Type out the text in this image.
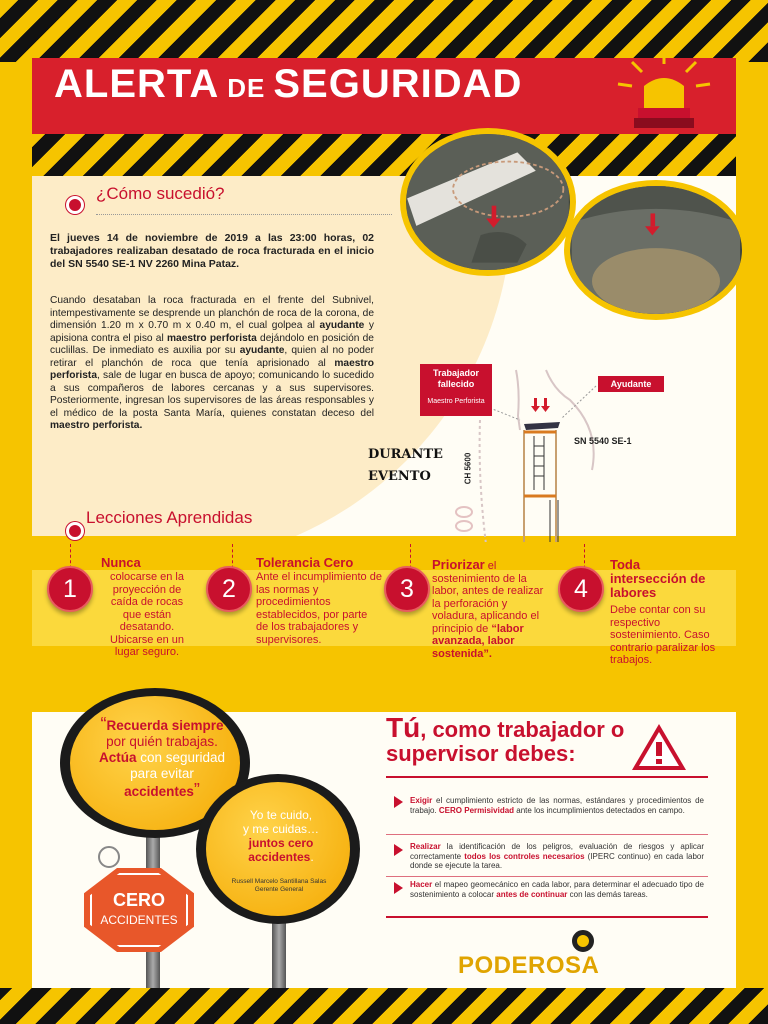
ALERTA DE SEGURIDAD
¿Cómo sucedió?
El jueves 14 de noviembre de 2019 a las 23:00 horas, 02 trabajadores realizaban desatado de roca fracturada en el inicio del SN 5540 SE-1 NV 2260 Mina Pataz.
Cuando desataban la roca fracturada en el frente del Subnivel, intempestivamente se desprende un planchón de roca de la corona, de dimensión 1.20 m x 0.70 m x 0.40 m, el cual golpea al ayudante y apisiona contra el piso al maestro perforista dejándolo en posición de cuclillas. De inmediato es auxilia por su ayudante, quien al no poder retirar el planchón de roca que tenía aprisionado al maestro perforista, sale de lugar en busca de apoyo; comunicando lo sucedido a sus compañeros de labores cercanas y a sus supervisores. Posteriormente, ingresan los supervisores de las áreas responsables y el médico de la posta Santa María, quienes constatan deceso del maestro perforista.
DURANTE
EVENTO
Trabajador fallecido
Maestro Perforista
Ayudante
SN 5540 SE-1
CH 5600
Lecciones Aprendidas
1
Nunca
colocarse en la proyección de caída de rocas que están desatando. Ubicarse en un lugar seguro.
2
Tolerancia Cero
Ante el incumplimiento de las normas y procedimientos establecidos, por parte de los trabajadores y supervisores.
3
Priorizar el sostenimiento de la labor, antes de realizar la perforación y voladura, aplicando el principio de “labor avanzada, labor sostenida”.
4
Toda intersección de labores
Debe contar con su respectivo sostenimiento. Caso contrario paralizar los trabajos.
“Recuerda siempre por quién trabajas. Actúa con seguridad para evitar accidentes”
Yo te cuido,
y me cuidas…
juntos cero accidentes.
Russell Marcelo Santillana Salas
Gerente General
CERO
ACCIDENTES
Tú, como trabajador o supervisor debes:
Exigir el cumplimiento estricto de las normas, estándares y procedimientos de trabajo. CERO Permisividad ante los incumplimientos detectados en campo.
Realizar la identificación de los peligros, evaluación de riesgos y aplicar correctamente todos los controles necesarios (IPERC continuo) en cada labor donde se ejecute la tarea.
Hacer el mapeo geomecánico en cada labor, para determinar el adecuado tipo de sostenimiento a colocar antes de continuar con las demás tareas.
PODEROSA
